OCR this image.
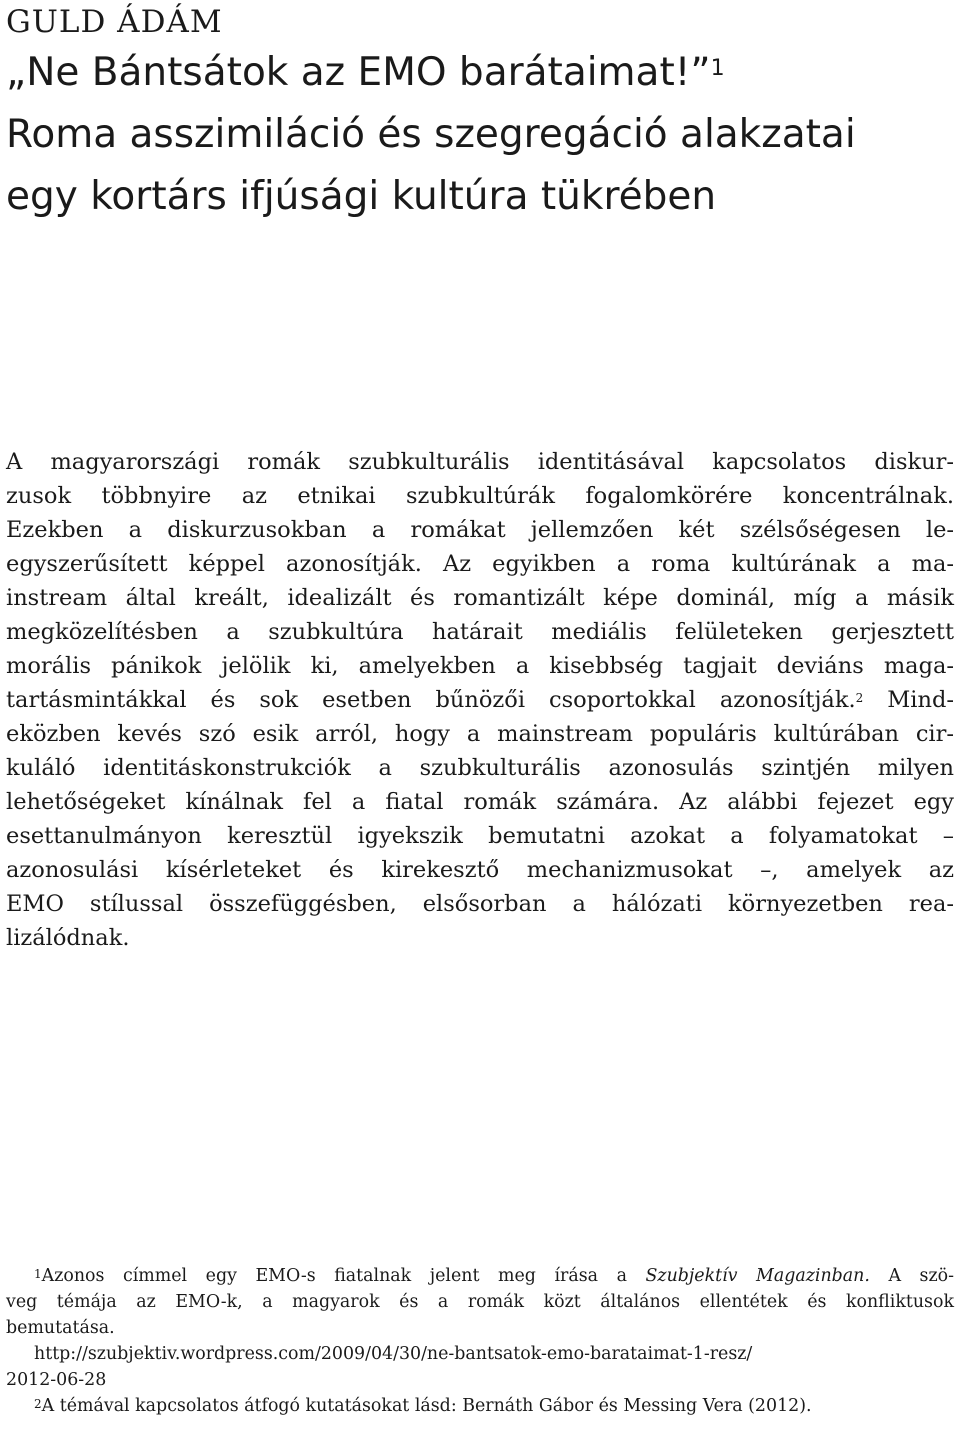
GULD ÁDÁM
„Ne Bántsátok az EMO barátaimat!”$^1$
Roma asszimiláció és szegregáció alakzatai
egy kortárs ifjúsági kultúra tükrében
A magyarországi romák szubkulturális identitásával kapcsolatos diskur-
zusok többnyire az etnikai szubkultúrák fogalomkörére koncentrálnak.
Ezekben a diskurzusokban a romákat jellemzően két szélsőségesen le-
egyszerűsített képpel azonosítják. Az egyikben a roma kultúrának a ma-
instream által kreált, idealizált és romantizált képe dominál, míg a másik
megközelítésben a szubkultúra határait mediális felületeken gerjesztett
morális pánikok jelölik ki, amelyekben a kisebbség tagjait deviáns maga-
tartásmintákkal és sok esetben bűnözői csoportokkal azonosítják.$^2$ Mind-
eközben kevés szó esik arról, hogy a mainstream populáris kultúrában cir-
kuláló identitáskonstrukciók a szubkulturális azonosulás szintjén milyen
lehetőségeket kínálnak fel a fiatal romák számára. Az alábbi fejezet egy
esettanulmányon keresztül igyekszik bemutatni azokat a folyamatokat –
azonosulási kísérleteket és kirekesztő mechanizmusokat –, amelyek az
EMO stílussal összefüggésben, elsősorban a hálózati környezetben rea-
lizálódnak.
$^1$Azonos címmel egy EMO-s fiatalnak jelent meg írása a Szubjektív Magazinban. A szö-
veg témája az EMO-k, a magyarok és a romák közt általános ellentétek és konfliktusok
bemutatása.
http://szubjektiv.wordpress.com/2009/04/30/ne-bantsatok-emo-barataimat-1-resz/
2012-06-28
$^2$A témával kapcsolatos átfogó kutatásokat lásd: Bernáth Gábor és Messing Vera (2012).
